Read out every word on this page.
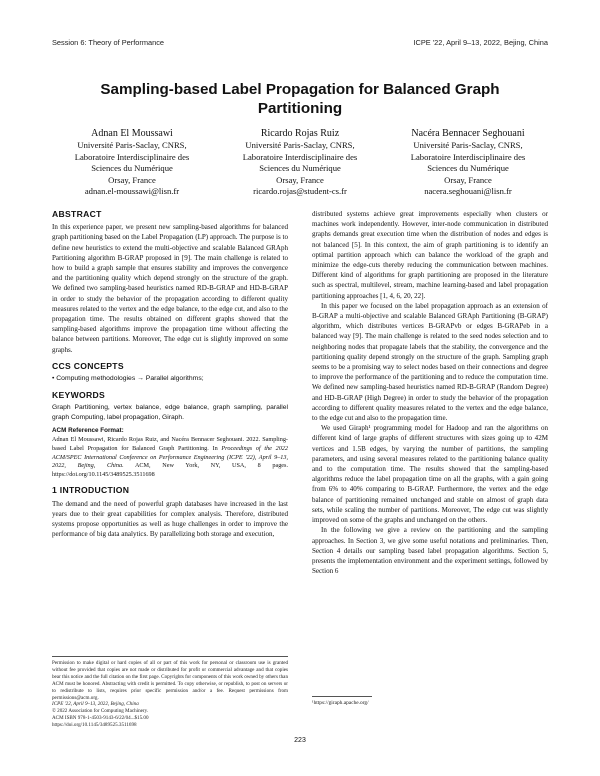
Session 6: Theory of Performance	ICPE '22, April 9–13, 2022, Bejing, China
Sampling-based Label Propagation for Balanced Graph Partitioning
Adnan El Moussawi
Université Paris-Saclay, CNRS,
Laboratoire Interdisciplinaire des
Sciences du Numérique
Orsay, France
adnan.el-moussawi@lisn.fr
Ricardo Rojas Ruiz
Université Paris-Saclay, CNRS,
Laboratoire Interdisciplinaire des
Sciences du Numérique
Orsay, France
ricardo.rojas@student-cs.fr
Nacéra Bennacer Seghouani
Université Paris-Saclay, CNRS,
Laboratoire Interdisciplinaire des
Sciences du Numérique
Orsay, France
nacera.seghouani@lisn.fr
ABSTRACT

In this experience paper, we present new sampling-based algorithms for balanced graph partitioning based on the Label Propagation (LP) approach. The purpose is to define new heuristics to extend the multi-objective and scalable Balanced GRAph Partitioning algorithm B-GRAP proposed in [9]. The main challenge is related to how to build a graph sample that ensures stability and improves the convergence and the partitioning quality which depend strongly on the structure of the graph. We defined two sampling-based heuristics named RD-B-GRAP and HD-B-GRAP in order to study the behavior of the propagation according to different quality measures related to the vertex and the edge balance, to the edge cut, and also to the propagation time. The results obtained on different graphs showed that the sampling-based algorithms improve the propagation time without affecting the balance between partitions. Moreover, The edge cut is slightly improved on some graphs.

CCS CONCEPTS

• Computing methodologies → Parallel algorithms;

KEYWORDS

Graph Partitioning, vertex balance, edge balance, graph sampling, parallel graph Computing, label propagation, Giraph.

ACM Reference Format:

Adnan El Moussawi, Ricardo Rojas Ruiz, and Nacéra Bennacer Seghouani. 2022. Sampling-based Label Propagation for Balanced Graph Partitioning. In Proceedings of the 2022 ACM/SPEC International Conference on Performance Engineering (ICPE '22), April 9–13, 2022, Bejing, China. ACM, New York, NY, USA, 8 pages. https://doi.org/10.1145/3489525.3511698

1 INTRODUCTION

The demand and the need of powerful graph databases have increased in the last years due to their great capabilities for complex analysis. Therefore, distributed systems propose opportunities as well as huge challenges in order to improve the performance of big data analytics. By parallelizing both storage and execution,

Permission to make digital or hard copies of all or part of this work for personal or classroom use is granted without fee provided that copies are not made or distributed for profit or commercial advantage and that copies bear this notice and the full citation on the first page. Copyrights for components of this work owned by others than ACM must be honored. Abstracting with credit is permitted. To copy otherwise, or republish, to post on servers or to redistribute to lists, requires prior specific permission and/or a fee. Request permissions from permissions@acm.org.
ICPE '22, April 9–13, 2022, Bejing, China
© 2022 Association for Computing Machinery.
ACM ISBN 978-1-4503-9143-6/22/04...$15.00
https://doi.org/10.1145/3489525.3511698

distributed systems achieve great improvements especially when clusters or machines work independently. However, inter-node communication in distributed graphs demands great execution time when the distribution of nodes and edges is not balanced [5]. In this context, the aim of graph partitioning is to identify an optimal partition approach which can balance the workload of the graph and minimize the edge-cuts thereby reducing the communication between machines. Different kind of algorithms for graph partitioning are proposed in the literature such as spectral, multilevel, stream, machine learning-based and label propagation partitioning approaches [1, 4, 6, 20, 22].

In this paper we focused on the label propagation approach as an extension of B-GRAP a multi-objective and scalable Balanced GRAph Partitioning (B-GRAP) algorithm, which distributes vertices B-GRAPvb or edges B-GRAPeb in a balanced way [9]. The main challenge is related to the seed nodes selection and to neighboring nodes that propagate labels that the stability, the convergence and the partitioning quality depend strongly on the structure of the graph. Sampling graph seems to be a promising way to select nodes based on their connections and degree to improve the performance of the partitioning and to reduce the computation time. We defined new sampling-based heuristics named RD-B-GRAP (Random Degree) and HD-B-GRAP (High Degree) in order to study the behavior of the propagation according to different quality measures related to the vertex and the edge balance, to the edge cut and also to the propagation time.

We used Giraph¹ programming model for Hadoop and ran the algorithms on different kind of large graphs of different structures with sizes going up to 42M vertices and 1.5B edges, by varying the number of partitions, the sampling parameters, and using several measures related to the partitioning balance quality and to the computation time. The results showed that the sampling-based algorithms reduce the label propagation time on all the graphs, with a gain going from 6% to 40% comparing to B-GRAP. Furthermore, the vertex and the edge balance of partitioning remained unchanged and stable on almost of graph data sets, while scaling the number of partitions. Moreover, The edge cut was slightly improved on some of the graphs and unchanged on the others.

In the following we give a review on the partitioning and the sampling approaches. In Section 3, we give some useful notations and preliminaries. Then, Section 4 details our sampling based label propagation algorithms. Section 5, presents the implementation environment and the experiment settings, followed by Section 6

¹https://giraph.apache.org/
223
